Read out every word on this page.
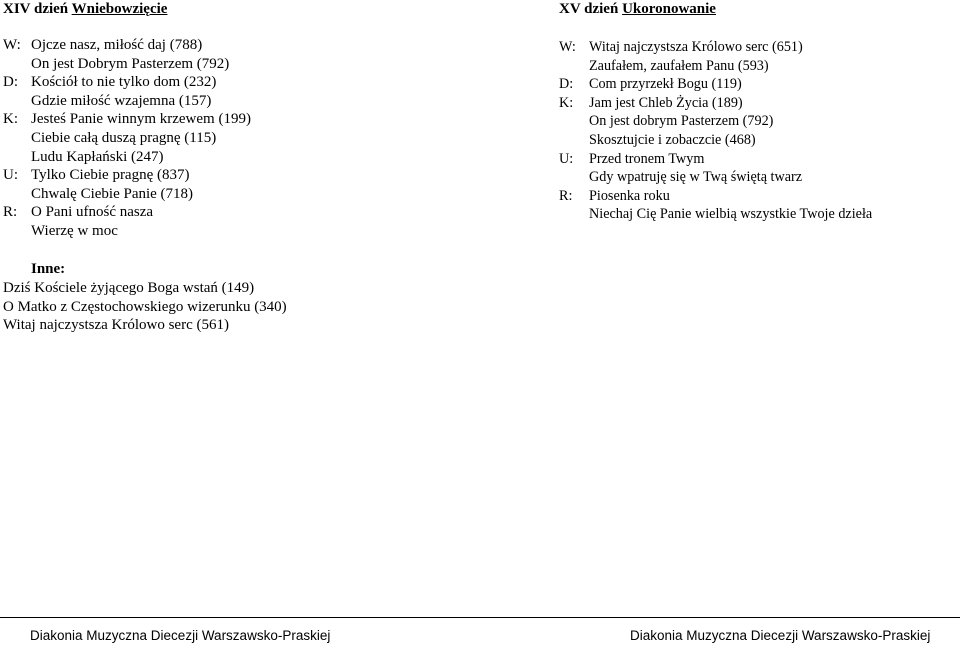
XIV dzień Wniebowzięcie
W: Ojcze nasz, miłość daj (788)
On jest Dobrym Pasterzem (792)
D: Kościół to nie tylko dom (232)
Gdzie miłość wzajemna (157)
K: Jesteś Panie winnym krzewem (199)
Ciebie całą duszą pragnę (115)
Ludu Kapłański (247)
U: Tylko Ciebie pragnę (837)
Chwalę Ciebie Panie (718)
R: O Pani ufność nasza
Wierzę w moc
XV dzień Ukoronowanie
W: Witaj najczystsza Królowo serc (651)
Zaufałem, zaufałem Panu (593)
D:	Com przyrzekł Bogu (119)
K:	Jam jest Chleb Życia (189)
On jest dobrym Pasterzem (792)
Skosztujcie i zobaczcie (468)
U:	Przed tronem Twym
Gdy wpatruję się w Twą świętą twarz
R:	Piosenka roku
Niechaj Cię Panie wielbią wszystkie Twoje dzieła
Inne:
Dziś Kościele żyjącego Boga wstań (149)
O Matko z Częstochowskiego wizerunku (340)
Witaj najczystsza Królowo serc (561)
Diakonia Muzyczna Diecezji Warszawsko-Praskiej	Diakonia Muzyczna Diecezji Warszawsko-Praskiej
